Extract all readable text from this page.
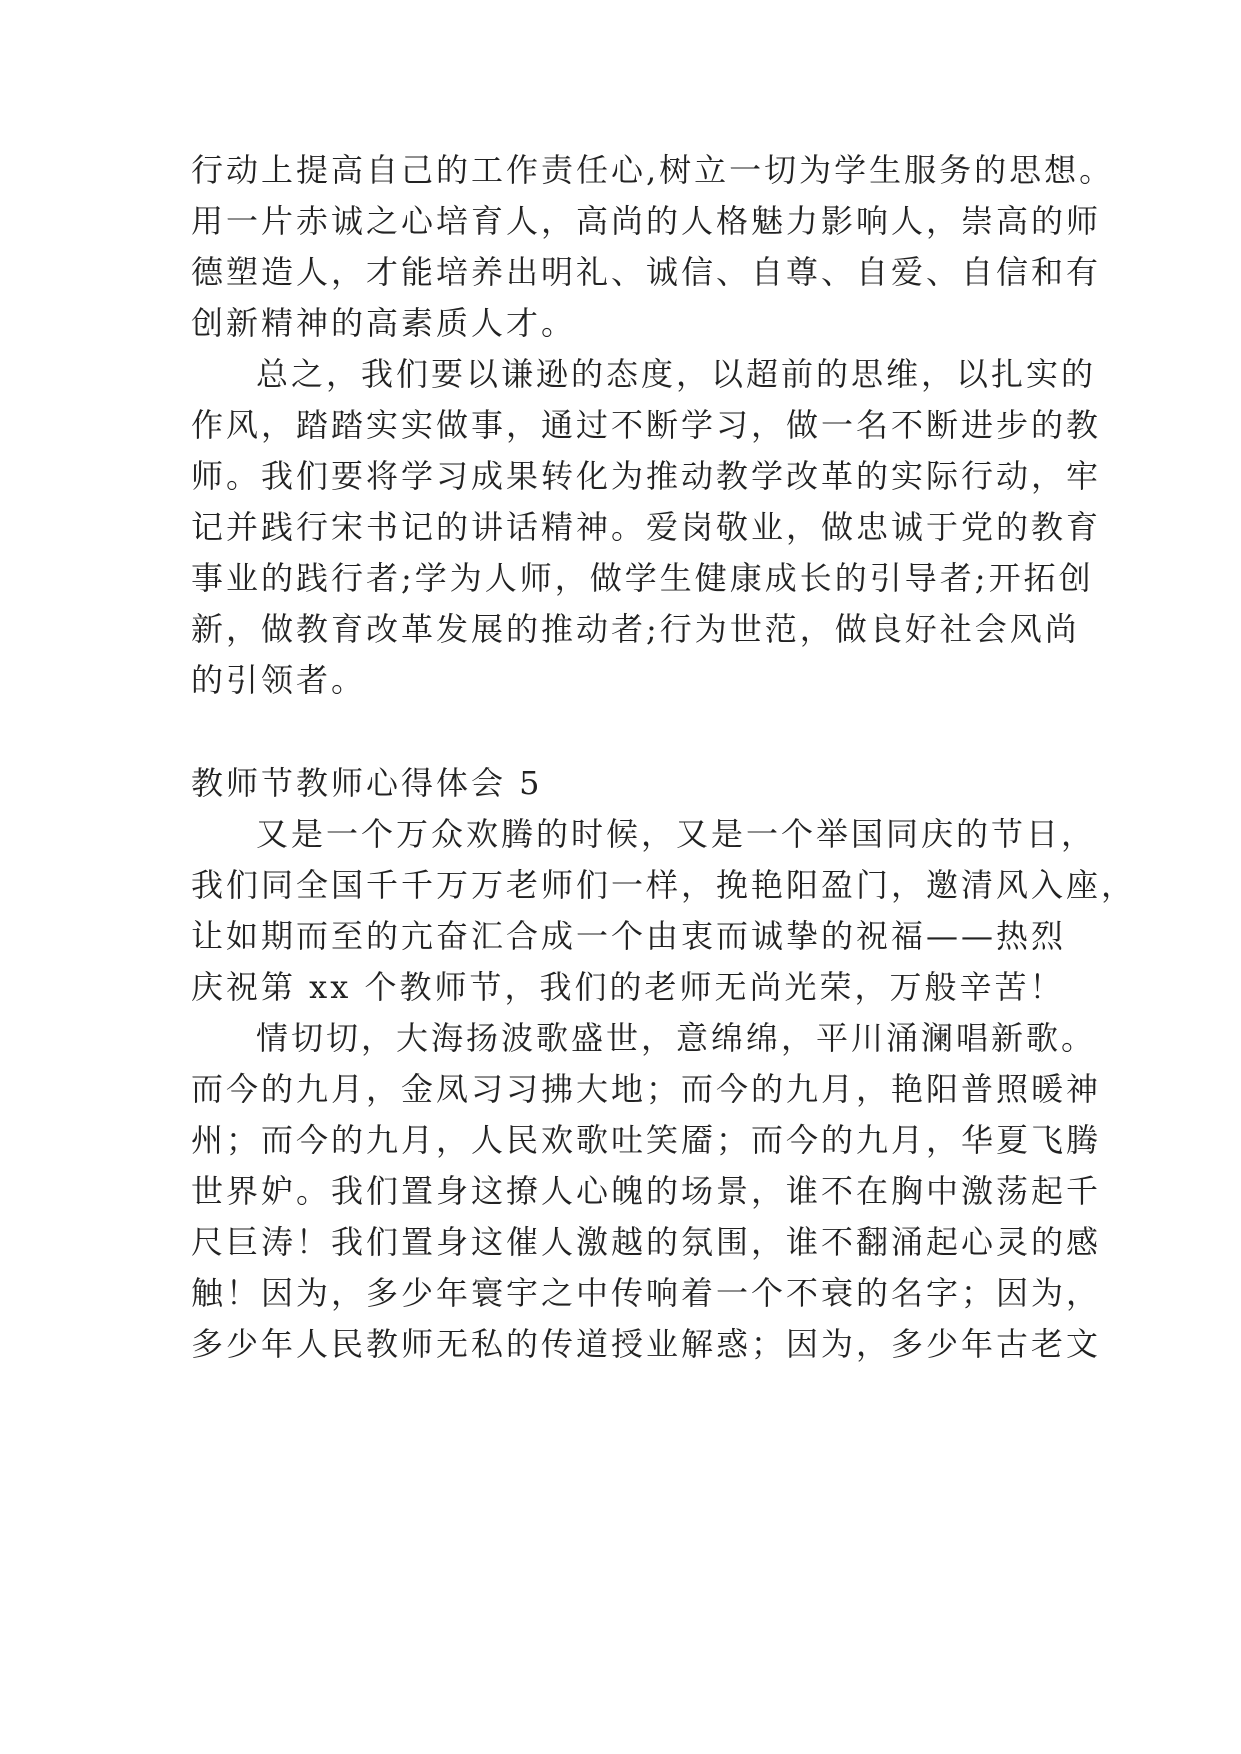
行动上提高自己的工作责任心,树立一切为学生服务的思想。
用一片赤诚之心培育人，高尚的人格魅力影响人，崇高的师
德塑造人，才能培养出明礼、诚信、自尊、自爱、自信和有
创新精神的高素质人才。
总之，我们要以谦逊的态度，以超前的思维，以扎实的
作风，踏踏实实做事，通过不断学习，做一名不断进步的教
师。我们要将学习成果转化为推动教学改革的实际行动，牢
记并践行宋书记的讲话精神。爱岗敬业，做忠诚于党的教育
事业的践行者;学为人师，做学生健康成长的引导者;开拓创
新，做教育改革发展的推动者;行为世范，做良好社会风尚
的引领者。
教师节教师心得体会 5
又是一个万众欢腾的时候，又是一个举国同庆的节日，
我们同全国千千万万老师们一样，挽艳阳盈门，邀清风入座，
让如期而至的亢奋汇合成一个由衷而诚挚的祝福——热烈
庆祝第 xx 个教师节，我们的老师无尚光荣，万般辛苦！
情切切，大海扬波歌盛世，意绵绵，平川涌澜唱新歌。
而今的九月，金凤习习拂大地；而今的九月，艳阳普照暖神
州；而今的九月，人民欢歌吐笑靥；而今的九月，华夏飞腾
世界妒。我们置身这撩人心魄的场景，谁不在胸中激荡起千
尺巨涛！我们置身这催人激越的氛围，谁不翻涌起心灵的感
触！因为，多少年寰宇之中传响着一个不衰的名字；因为，
多少年人民教师无私的传道授业解惑；因为，多少年古老文
